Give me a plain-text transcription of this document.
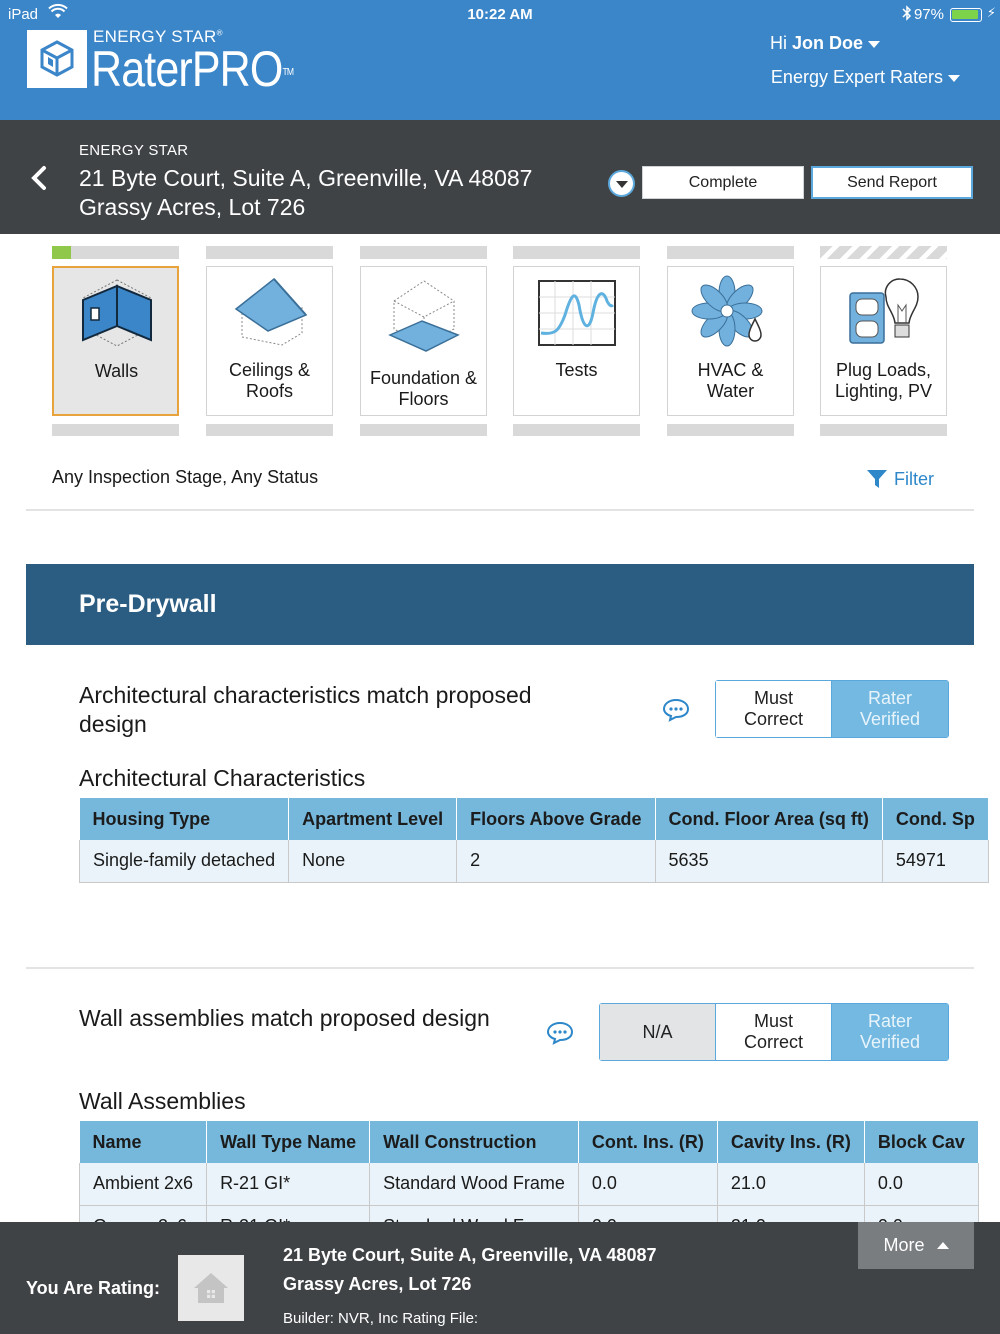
iPad	10:22 AM	97%	⚡
ENERGY STAR®
RaterPRO™
Hi Jon Doe
Energy Expert Raters
ENERGY STAR
21 Byte Court, Suite A, Greenville, VA 48087
Grassy Acres, Lot 726
Complete	Send Report
Walls	Ceilings &
Roofs
Foundation &
Floors
Tests	HVAC &
Water
Plug Loads,
Lighting, PV
Any Inspection Stage, Any Status	Filter
Pre-Drywall
Architectural characteristics match proposed design
Must
Correct
Rater
Verified
Architectural Characteristics
Housing Type	Apartment Level	Floors Above Grade	Cond. Floor Area (sq ft)	Cond. Sp
Single-family detached	None	2	5635	54971
Wall assemblies match proposed design
N/A
Must
Correct
Rater
Verified
Wall Assemblies
Name	Wall Type Name	Wall Construction	Cont. Ins. (R)	Cavity Ins. (R)	Block Cav
Ambient 2x6	R-21 GI*	Standard Wood Frame	0.0	21.0	0.0

More
You Are Rating:
21 Byte Court, Suite A, Greenville, VA 48087
Grassy Acres, Lot 726
Builder: NVR, Inc Rating File:
